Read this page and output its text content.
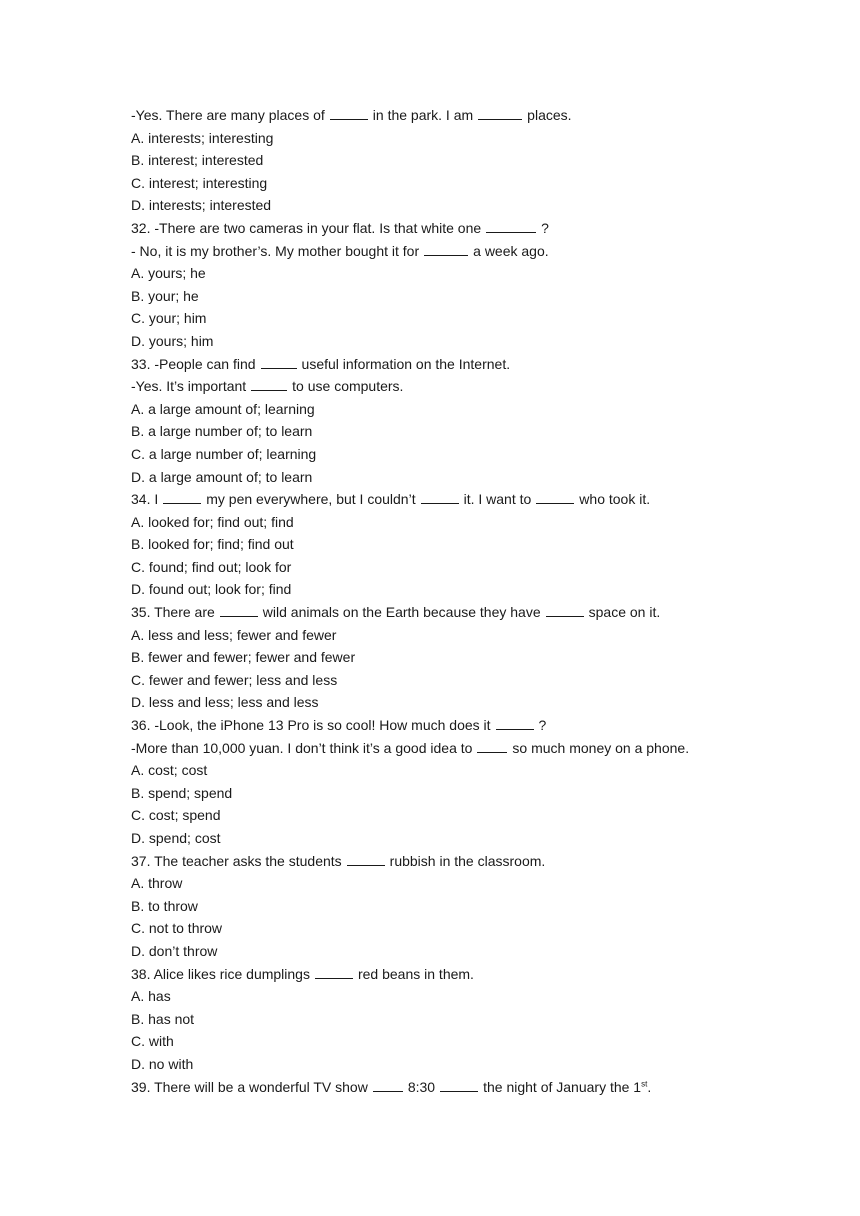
-Yes. There are many places of	in the park. I am	places.
A. interests; interesting
B. interest; interested
C. interest; interesting
D. interests; interested
32. -There are two cameras in your flat. Is that white one	?
- No, it is my brother’s. My mother bought it for	a week ago.
A. yours; he
B. your; he
C. your; him
D. yours; him
33. -People can find	useful information on the Internet.
-Yes. It’s important	to use computers.
A. a large amount of; learning
B. a large number of; to learn
C. a large number of; learning
D. a large amount of; to learn
34. I	my pen everywhere, but I couldn’t	it. I want to	who took it.
A. looked for; find out; find
B. looked for; find; find out
C. found; find out; look for
D. found out; look for; find
35. There are	wild animals on the Earth because they have	space on it.
A. less and less; fewer and fewer
B. fewer and fewer; fewer and fewer
C. fewer and fewer; less and less
D. less and less; less and less
36. -Look, the iPhone 13 Pro is so cool! How much does it	?
-More than 10,000 yuan. I don’t think it’s a good idea to	so much money on a phone.
A. cost; cost
B. spend; spend
C. cost; spend
D. spend; cost
37. The teacher asks the students	rubbish in the classroom.
A. throw
B. to throw
C. not to throw
D. don’t throw
38. Alice likes rice dumplings	red beans in them.
A. has
B. has not
C. with
D. no with
39. There will be a wonderful TV show	8:30	the night of January the 1st.
